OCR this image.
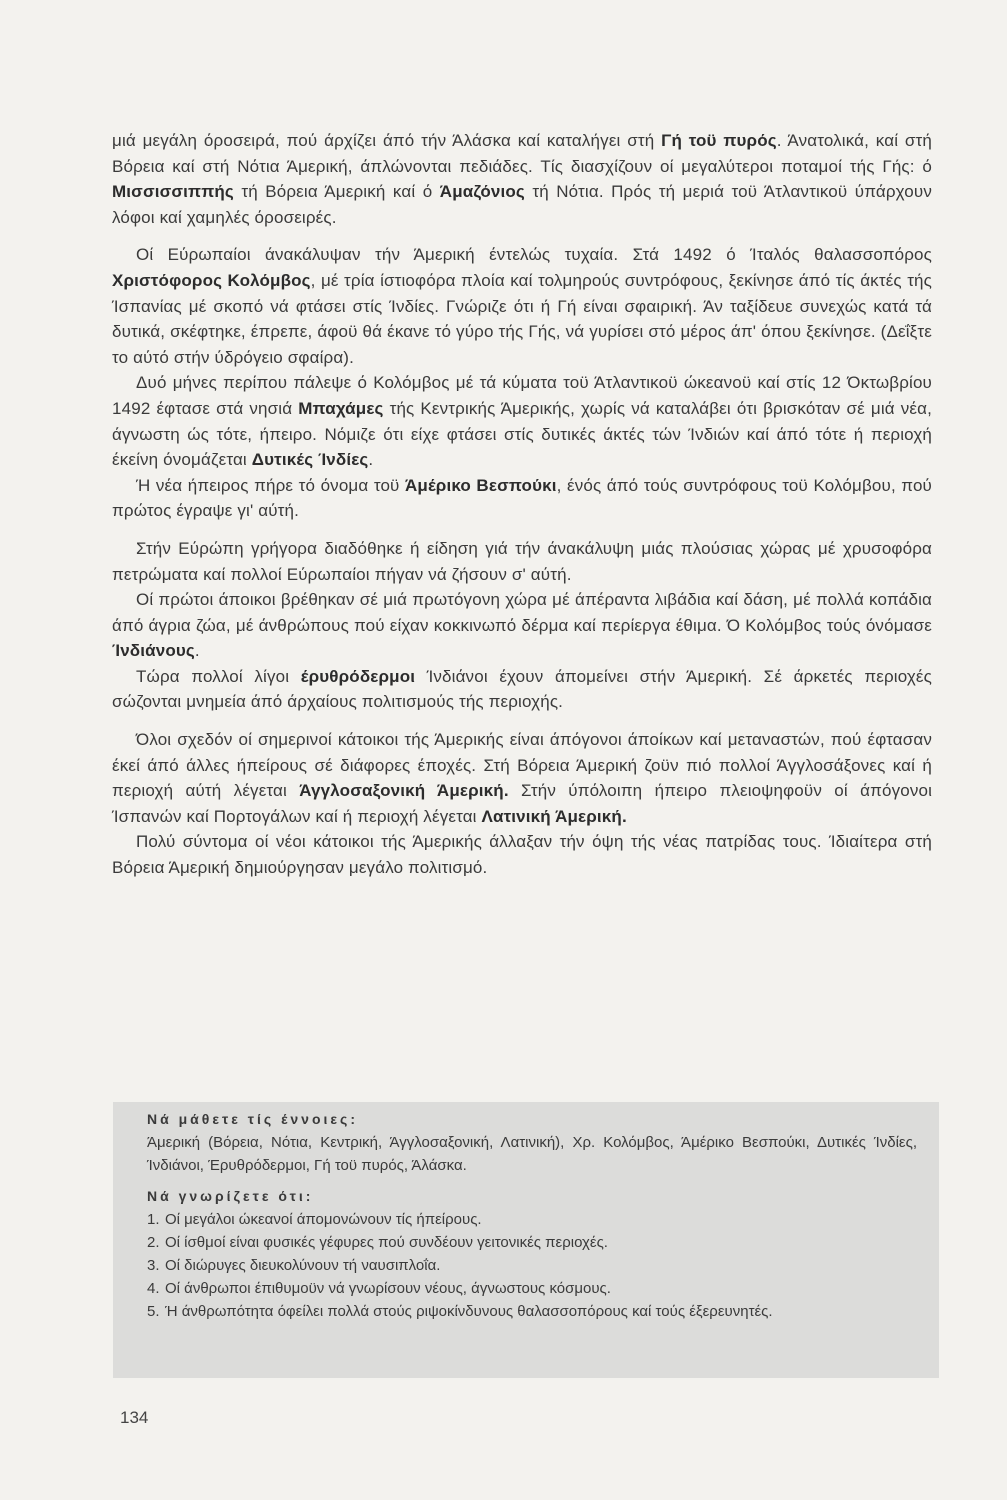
μιά μεγάλη όροσειρά, πού άρχίζει άπό τήν Άλάσκα καί καταλήγει στή Γή τοϋ πυρός. Άνατολικά, καί στή Βόρεια καί στή Νότια Άμερική, άπλώνονται πεδιάδες. Τίς διασχίζουν οί μεγαλύτεροι ποταμοί τής Γής: ό Μισσισσιππής τή Βόρεια Άμερική καί ό Άμαζόνιος τή Νότια. Πρός τή μεριά τοϋ Άτλαντικοϋ ύπάρχουν λόφοι καί χαμηλές όροσειρές.

Οί Εύρωπαίοι άνακάλυψαν τήν Άμερική έντελώς τυχαία. Στά 1492 ό Ίταλός θαλασσοπόρος Χριστόφορος Κολόμβος, μέ τρία ίστιοφόρα πλοία καί τολμηρούς συντρόφους, ξεκίνησε άπό τίς άκτές τής Ίσπανίας μέ σκοπό νά φτάσει στίς Ίνδίες. Γνώριζε ότι ή Γή είναι σφαιρική. Άν ταξίδευε συνεχώς κατά τά δυτικά, σκέφτηκε, έπρεπε, άφοϋ θά έκανε τό γύρο τής Γής, νά γυρίσει στό μέρος άπ' όπου ξεκίνησε. (Δεΐξτε το αύτό στήν ύδρόγειο σφαίρα).

Δυό μήνες περίπου πάλεψε ό Κολόμβος μέ τά κύματα τοϋ Άτλαντικοϋ ώκεανοϋ καί στίς 12 Όκτωβρίου 1492 έφτασε στά νησιά Μπαχάμες τής Κεντρικής Άμερικής, χωρίς νά καταλάβει ότι βρισκόταν σέ μιά νέα, άγνωστη ώς τότε, ήπειρο. Νόμιζε ότι είχε φτάσει στίς δυτικές άκτές τών Ίνδιών καί άπό τότε ή περιοχή έκείνη όνομάζεται Δυτικές Ίνδίες.

Ή νέα ήπειρος πήρε τό όνομα τοϋ Άμέρικο Βεσπούκι, ένός άπό τούς συντρόφους τοϋ Κολόμβου, πού πρώτος έγραψε γι' αύτή.

Στήν Εύρώπη γρήγορα διαδόθηκε ή είδηση γιά τήν άνακάλυψη μιάς πλούσιας χώρας μέ χρυσοφόρα πετρώματα καί πολλοί Εύρωπαίοι πήγαν νά ζήσουν σ' αύτή.

Οί πρώτοι άποικοι βρέθηκαν σέ μιά πρωτόγονη χώρα μέ άπέραντα λιβάδια καί δάση, μέ πολλά κοπάδια άπό άγρια ζώα, μέ άνθρώπους πού είχαν κοκκινωπό δέρμα καί περίεργα έθιμα. Ό Κολόμβος τούς όνόμασε Ίνδιάνους.

Τώρα πολλοί λίγοι έρυθρόδερμοι Ίνδιάνοι έχουν άπομείνει στήν Άμερική. Σέ άρκετές περιοχές σώζονται μνημεία άπό άρχαίους πολιτισμούς τής περιοχής.

Όλοι σχεδόν οί σημερινοί κάτοικοι τής Άμερικής είναι άπόγονοι άποίκων καί μεταναστών, πού έφτασαν έκεί άπό άλλες ήπείρους σέ διάφορες έποχές. Στή Βόρεια Άμερική ζοϋν πιό πολλοί Άγγλοσάξονες καί ή περιοχή αύτή λέγεται Άγγλοσαξονική Άμερική. Στήν ύπόλοιπη ήπειρο πλειοψηφοϋν οί άπόγονοι Ίσπανών καί Πορτογάλων καί ή περιοχή λέγεται Λατινική Άμερική.

Πολύ σύντομα οί νέοι κάτοικοι τής Άμερικής άλλαξαν τήν όψη τής νέας πατρίδας τους. Ίδιαίτερα στή Βόρεια Άμερική δημιούργησαν μεγάλο πολιτισμό.

Νά μάθετε τίς έννοιες:
Άμερική (Βόρεια, Νότια, Κεντρική, Άγγλοσαξονική, Λατινική), Χρ. Κολόμβος, Άμέρικο Βεσπούκι, Δυτικές Ίνδίες, Ίνδιάνοι, Έρυθρόδερμοι, Γή τοϋ πυρός, Άλάσκα.
Νά γνωρίζετε ότι:
1. Οί μεγάλοι ώκεανοί άπομονώνουν τίς ήπείρους.
2. Οί ίσθμοί είναι φυσικές γέφυρες πού συνδέουν γειτονικές περιοχές.
3. Οί διώρυγες διευκολύνουν τή ναυσιπλοΐα.
4. Οί άνθρωποι έπιθυμοϋν νά γνωρίσουν νέους, άγνωστους κόσμους.
5. Ή άνθρωπότητα όφείλει πολλά στούς ριψοκίνδυνους θαλασσοπόρους καί τούς έξερευνητές.
134
